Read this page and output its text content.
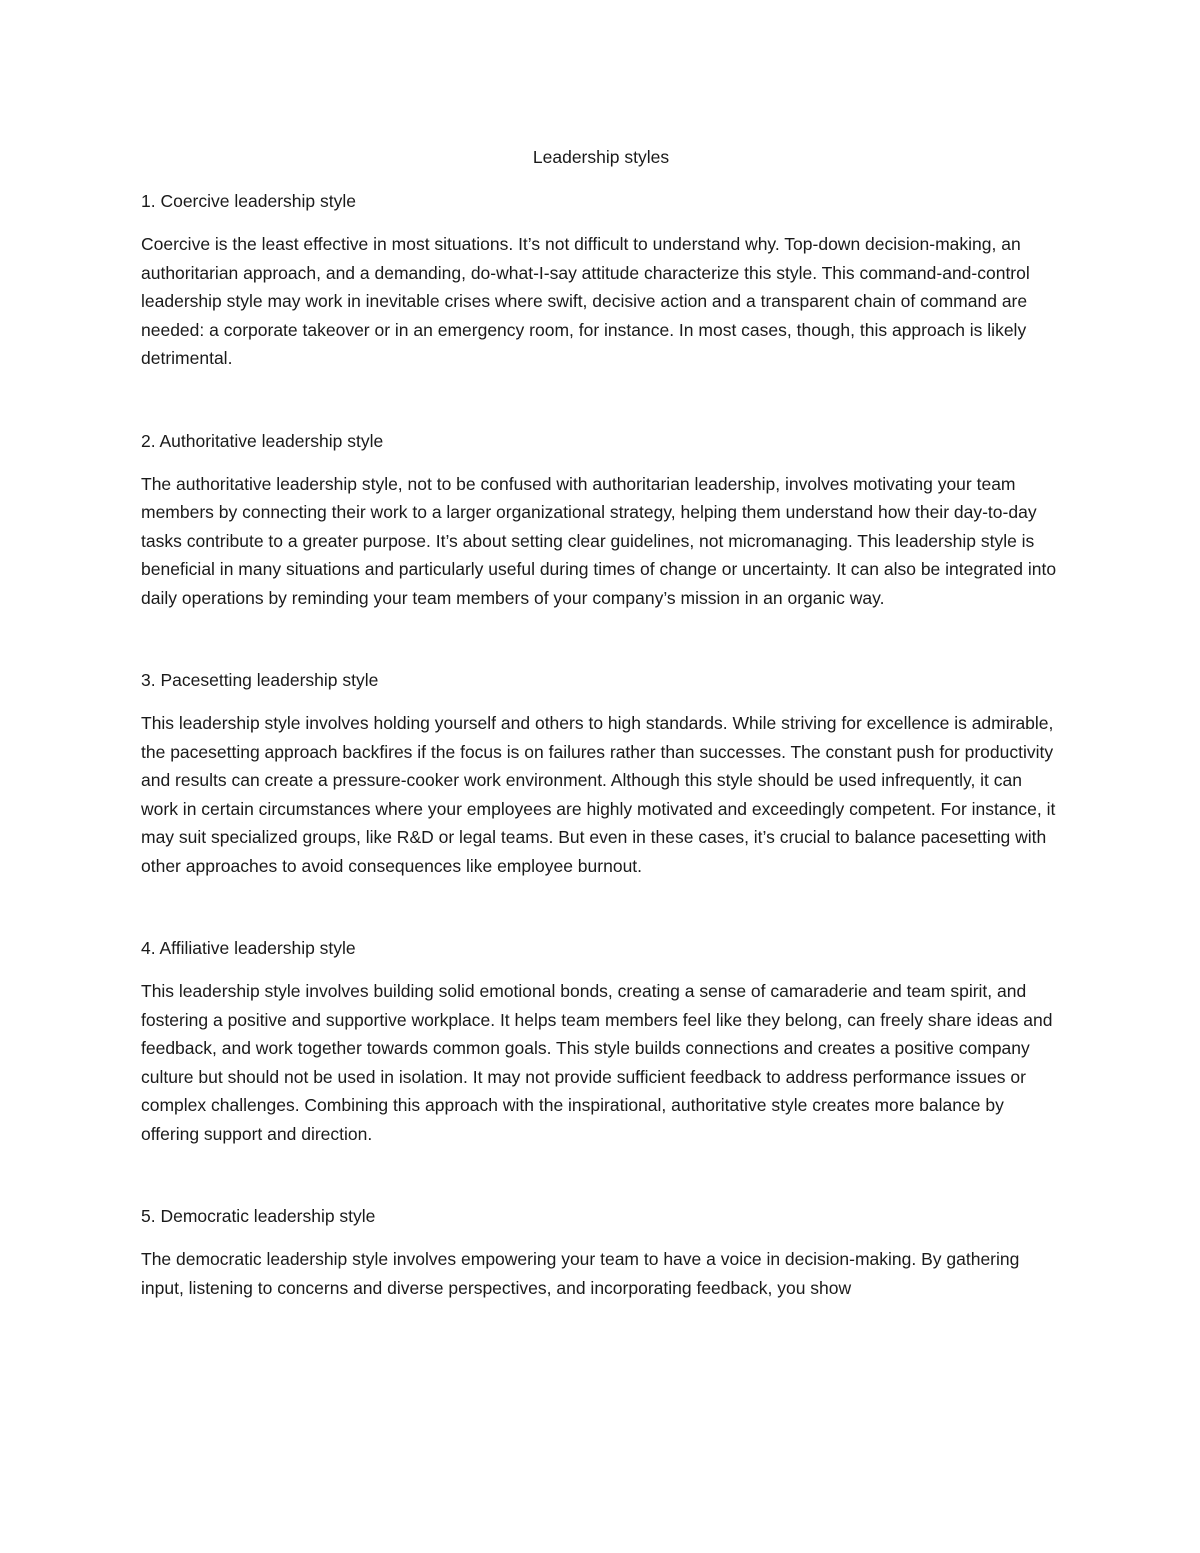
Leadership styles
1. Coercive leadership style

Coercive is the least effective in most situations. It’s not difficult to understand why. Top-down decision-making, an authoritarian approach, and a demanding, do-what-I-say attitude characterize this style. This command-and-control leadership style may work in inevitable crises where swift, decisive action and a transparent chain of command are needed: a corporate takeover or in an emergency room, for instance. In most cases, though, this approach is likely detrimental.

2. Authoritative leadership style

The authoritative leadership style, not to be confused with authoritarian leadership, involves motivating your team members by connecting their work to a larger organizational strategy, helping them understand how their day-to-day tasks contribute to a greater purpose. It’s about setting clear guidelines, not micromanaging. This leadership style is beneficial in many situations and particularly useful during times of change or uncertainty. It can also be integrated into daily operations by reminding your team members of your company’s mission in an organic way.

3. Pacesetting leadership style

This leadership style involves holding yourself and others to high standards. While striving for excellence is admirable, the pacesetting approach backfires if the focus is on failures rather than successes. The constant push for productivity and results can create a pressure-cooker work environment. Although this style should be used infrequently, it can work in certain circumstances where your employees are highly motivated and exceedingly competent. For instance, it may suit specialized groups, like R&D or legal teams. But even in these cases, it’s crucial to balance pacesetting with other approaches to avoid consequences like employee burnout.

4. Affiliative leadership style

This leadership style involves building solid emotional bonds, creating a sense of camaraderie and team spirit, and fostering a positive and supportive workplace. It helps team members feel like they belong, can freely share ideas and feedback, and work together towards common goals. This style builds connections and creates a positive company culture but should not be used in isolation. It may not provide sufficient feedback to address performance issues or complex challenges. Combining this approach with the inspirational, authoritative style creates more balance by offering support and direction.

5. Democratic leadership style

The democratic leadership style involves empowering your team to have a voice in decision-making. By gathering input, listening to concerns and diverse perspectives, and incorporating feedback, you show
